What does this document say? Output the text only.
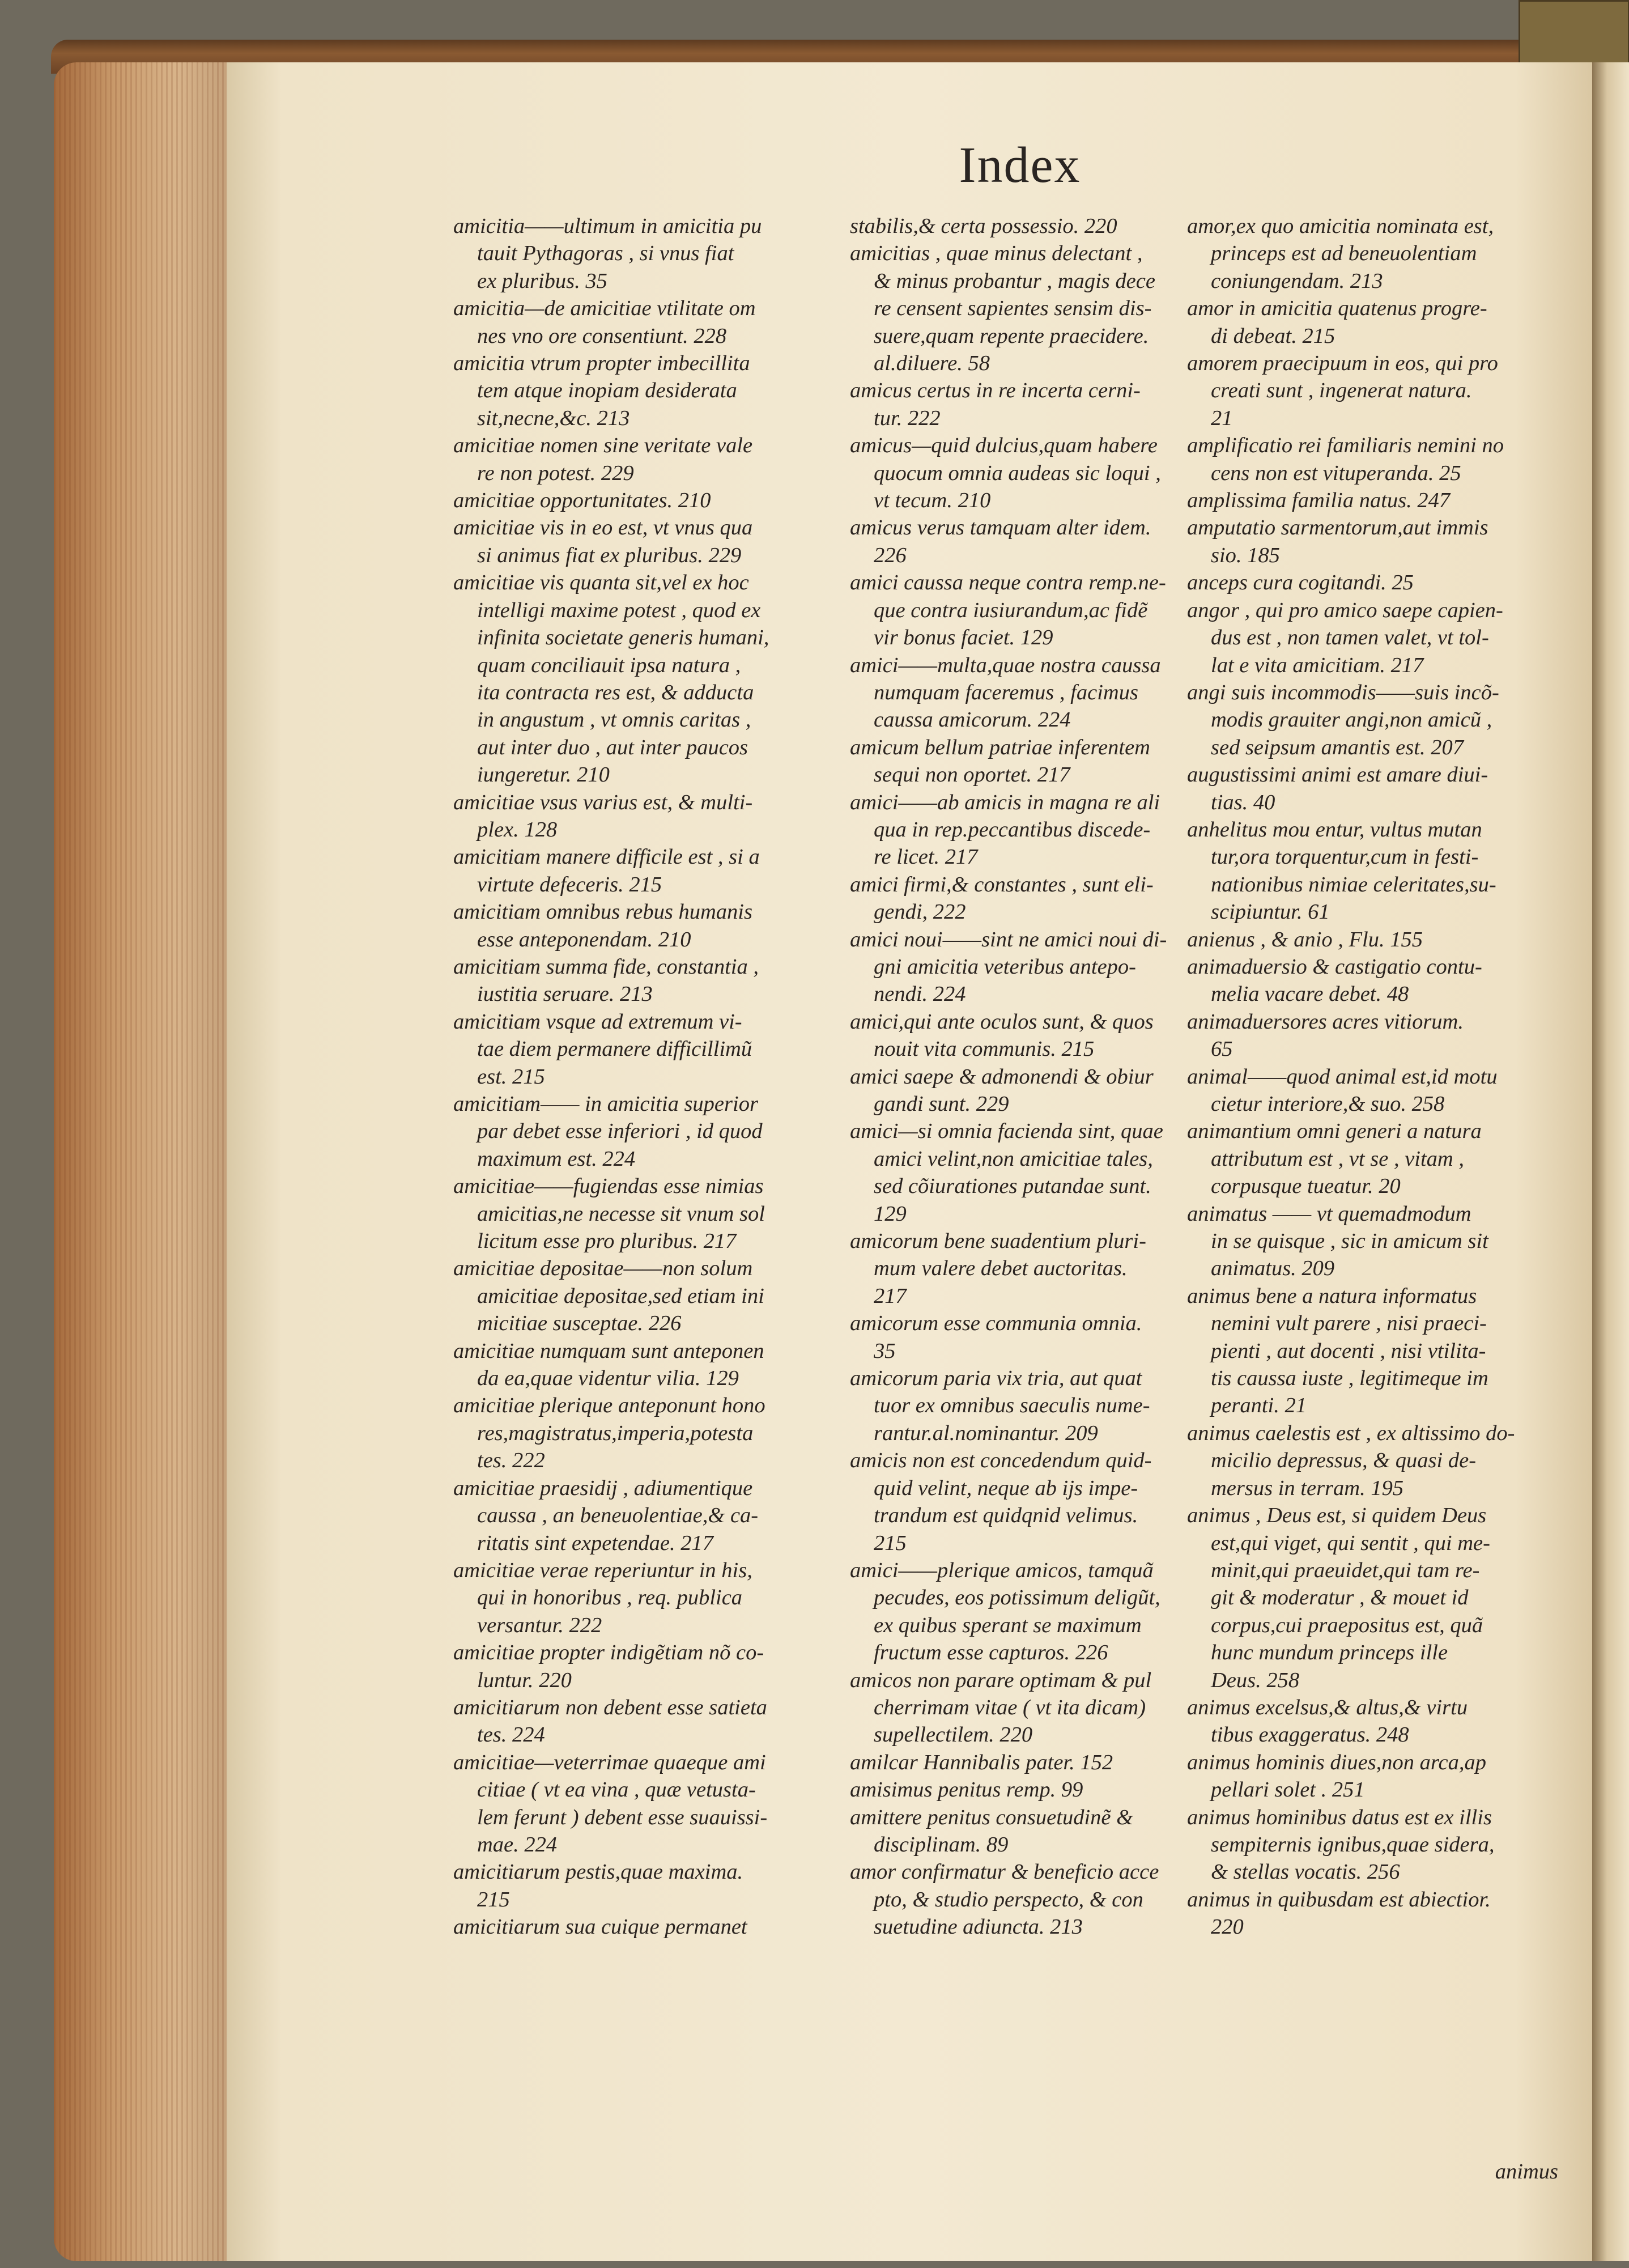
Index

amicitia——ultimum in amicitia pu
tauit Pythagoras , si vnus fiat
ex pluribus. 35

amicitia—de amicitiae vtilitate om
nes vno ore consentiunt. 228

amicitia vtrum propter imbecillita
tem atque inopiam desiderata
sit,necne,&c. 213

amicitiae nomen sine veritate vale
re non potest. 229

amicitiae opportunitates. 210

amicitiae vis in eo est, vt vnus qua
si animus fiat ex pluribus. 229

amicitiae vis quanta sit,vel ex hoc
intelligi maxime potest , quod ex
infinita societate generis humani,
quam conciliauit ipsa natura ,
ita contracta res est, & adducta
in angustum , vt omnis caritas ,
aut inter duo , aut inter paucos
iungeretur. 210

amicitiae vsus varius est, & multi-
plex. 128

amicitiam manere difficile est , si a
virtute defeceris. 215

amicitiam omnibus rebus humanis
esse anteponendam. 210

amicitiam summa fide, constantia ,
iustitia seruare. 213

amicitiam vsque ad extremum vi-
tae diem permanere difficillimũ
est. 215

amicitiam—— in amicitia superior
par debet esse inferiori , id quod
maximum est. 224

amicitiae——fugiendas esse nimias
amicitias,ne necesse sit vnum sol
licitum esse pro pluribus. 217

amicitiae depositae——non solum
amicitiae depositae,sed etiam ini
micitiae susceptae. 226

amicitiae numquam sunt anteponen
da ea,quae videntur vilia. 129

amicitiae plerique anteponunt hono
res,magistratus,imperia,potesta
tes. 222

amicitiae praesidij , adiumentique
caussa , an beneuolentiae,& ca-
ritatis sint expetendae. 217

amicitiae verae reperiuntur in his,
qui in honoribus , req. publica
versantur. 222

amicitiae propter indigẽtiam nõ co-
luntur. 220

amicitiarum non debent esse satieta
tes. 224

amicitiae—veterrimae quaeque ami
citiae ( vt ea vina , quæ vetusta-
lem ferunt ) debent esse suauissi-
mae. 224

amicitiarum pestis,quae maxima.
215

amicitiarum sua cuique permanet

stabilis,& certa possessio. 220

amicitias , quae minus delectant ,
& minus probantur , magis dece
re censent sapientes sensim dis-
suere,quam repente praecidere.
al.diluere. 58

amicus certus in re incerta cerni-
tur. 222

amicus—quid dulcius,quam habere
quocum omnia audeas sic loqui ,
vt tecum. 210

amicus verus tamquam alter idem.
226

amici caussa neque contra remp.ne-
que contra iusiurandum,ac fidẽ
vir bonus faciet. 129

amici——multa,quae nostra caussa
numquam faceremus , facimus
caussa amicorum. 224

amicum bellum patriae inferentem
sequi non oportet. 217

amici——ab amicis in magna re ali
qua in rep.peccantibus discede-
re licet. 217

amici firmi,& constantes , sunt eli-
gendi, 222

amici noui——sint ne amici noui di-
gni amicitia veteribus antepo-
nendi. 224

amici,qui ante oculos sunt, & quos
nouit vita communis. 215

amici saepe & admonendi & obiur
gandi sunt. 229

amici—si omnia facienda sint, quae
amici velint,non amicitiae tales,
sed cõiurationes putandae sunt.
129

amicorum bene suadentium pluri-
mum valere debet auctoritas.
217

amicorum esse communia omnia.
35

amicorum paria vix tria, aut quat
tuor ex omnibus saeculis nume-
rantur.al.nominantur. 209

amicis non est concedendum quid-
quid velint, neque ab ijs impe-
trandum est quidqnid velimus.
215

amici——plerique amicos, tamquã
pecudes, eos potissimum deligũt,
ex quibus sperant se maximum
fructum esse capturos. 226

amicos non parare optimam & pul
cherrimam vitae ( vt ita dicam)
supellectilem. 220

amilcar Hannibalis pater. 152

amisimus penitus remp. 99

amittere penitus consuetudinẽ &
disciplinam. 89

amor confirmatur & beneficio acce
pto, & studio perspecto, & con
suetudine adiuncta. 213

amor,ex quo amicitia nominata est,
princeps est ad beneuolentiam
coniungendam. 213

amor in amicitia quatenus progre-
di debeat. 215

amorem praecipuum in eos, qui pro
creati sunt , ingenerat natura.
21

amplificatio rei familiaris nemini no
cens non est vituperanda. 25

amplissima familia natus. 247

amputatio sarmentorum,aut immis
sio. 185

anceps cura cogitandi. 25

angor , qui pro amico saepe capien-
dus est , non tamen valet, vt tol-
lat e vita amicitiam. 217

angi suis incommodis——suis incõ-
modis grauiter angi,non amicũ ,
sed seipsum amantis est. 207

augustissimi animi est amare diui-
tias. 40

anhelitus mou entur, vultus mutan
tur,ora torquentur,cum in festi-
nationibus nimiae celeritates,su-
scipiuntur. 61

anienus , & anio , Flu. 155

animaduersio & castigatio contu-
melia vacare debet. 48

animaduersores acres vitiorum.
65

animal——quod animal est,id motu
cietur interiore,& suo. 258

animantium omni generi a natura
attributum est , vt se , vitam ,
corpusque tueatur. 20

animatus —— vt quemadmodum
in se quisque , sic in amicum sit
animatus. 209

animus bene a natura informatus
nemini vult parere , nisi praeci-
pienti , aut docenti , nisi vtilita-
tis caussa iuste , legitimeque im
peranti. 21

animus caelestis est , ex altissimo do-
micilio depressus, & quasi de-
mersus in terram. 195

animus , Deus est, si quidem Deus
est,qui viget, qui sentit , qui me-
minit,qui praeuidet,qui tam re-
git & moderatur , & mouet id
corpus,cui praepositus est, quã
hunc mundum princeps ille
Deus. 258

animus excelsus,& altus,& virtu
tibus exaggeratus. 248

animus hominis diues,non arca,ap
pellari solet . 251

animus hominibus datus est ex illis
sempiternis ignibus,quae sidera,
& stellas vocatis. 256

animus in quibusdam est abiectior.
220

animus
